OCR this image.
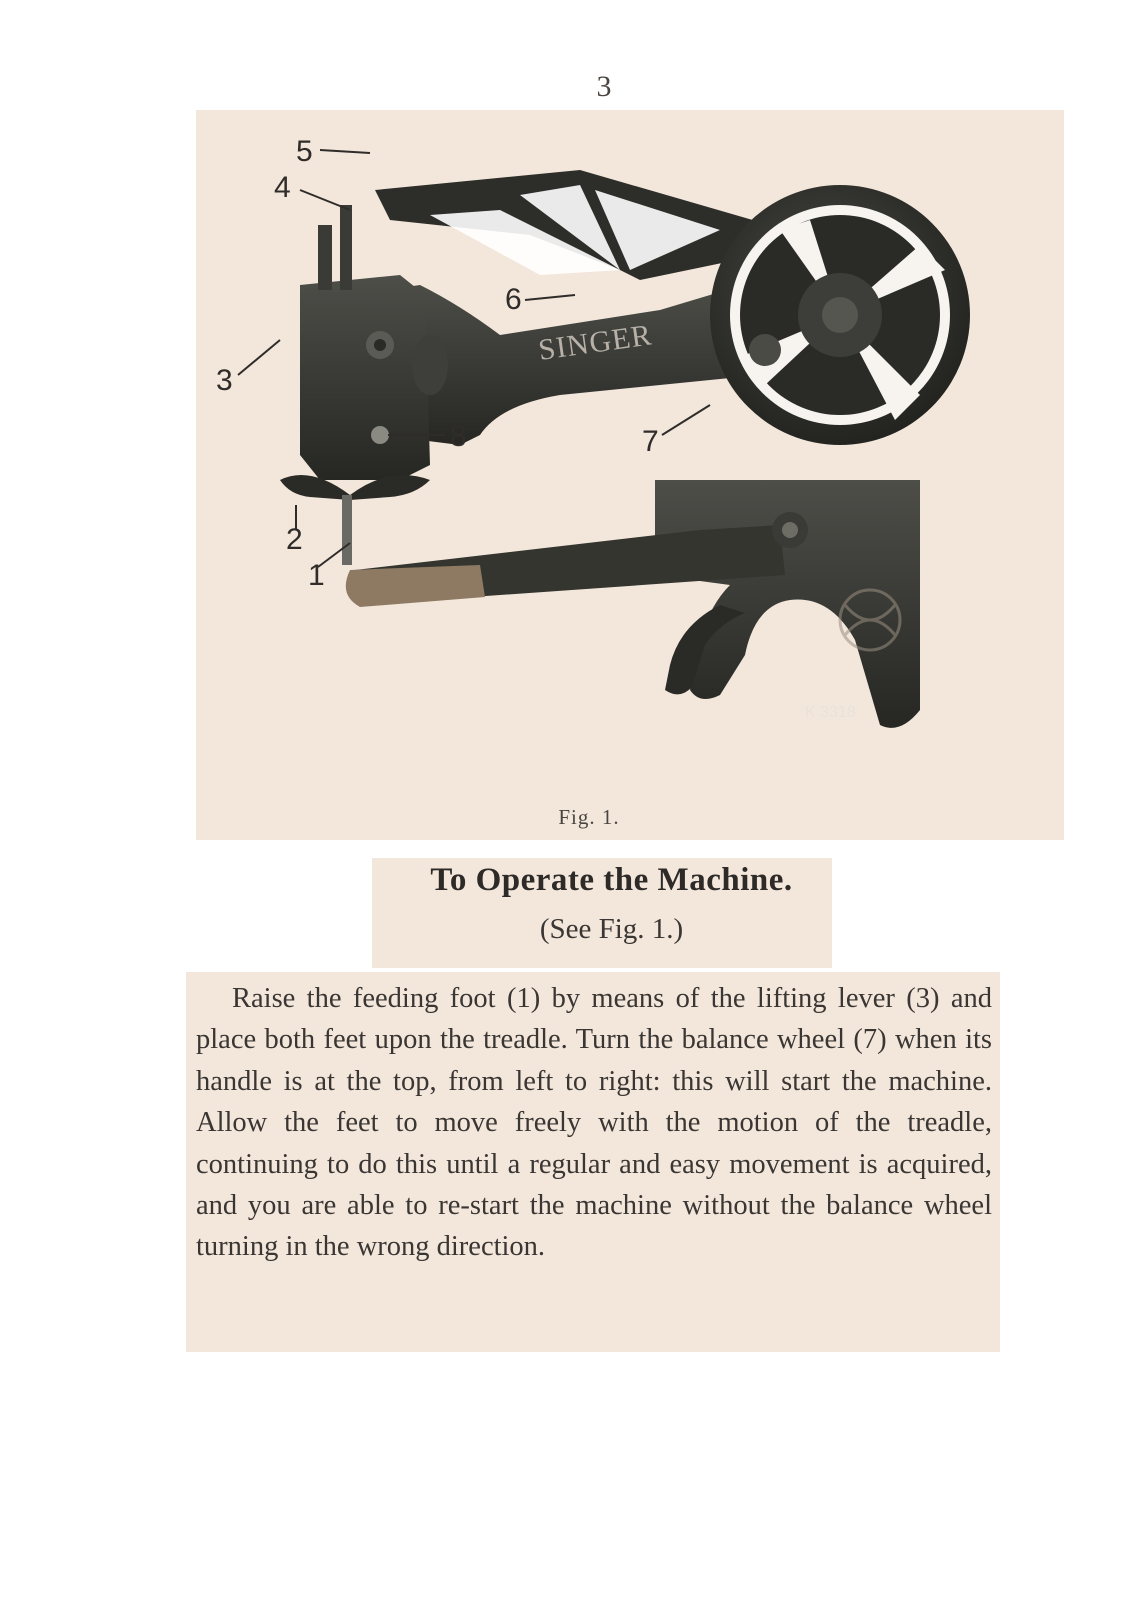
3
SINGER
K 3318
1
2
3
4
5
6
7
8
Fig. 1.
To Operate the Machine.
(See Fig. 1.)

Raise the feeding foot (1) by means of the lifting lever (3) and place both feet upon the treadle. Turn the balance wheel (7) when its handle is at the top, from left to right: this will start the machine. Allow the feet to move freely with the motion of the treadle, continuing to do this until a regular and easy movement is acquired, and you are able to re-start the machine without the balance wheel turning in the wrong direction.
